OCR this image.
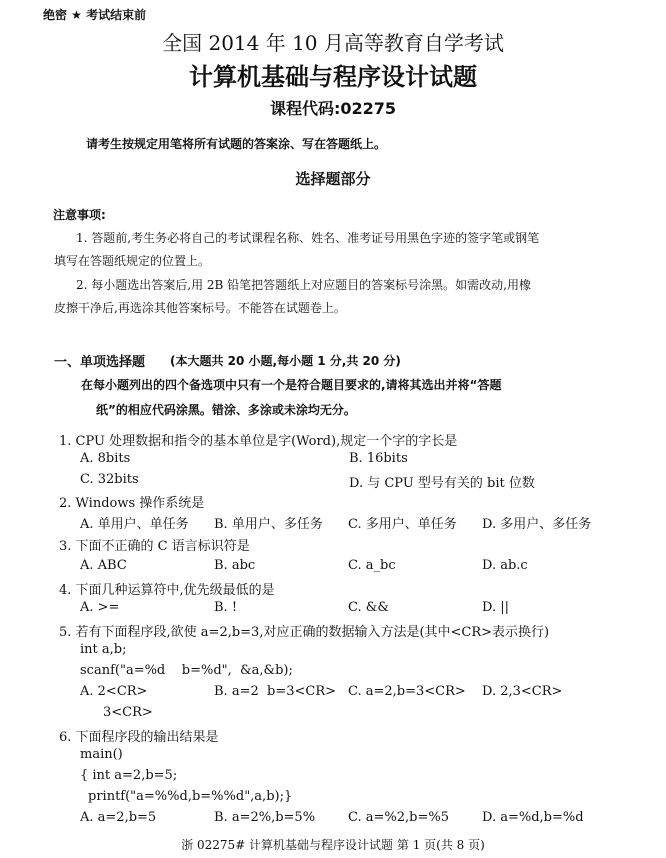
绝密 ★ 考试结束前
全国 2014 年 10 月高等教育自学考试
计算机基础与程序设计试题
课程代码:02275
请考生按规定用笔将所有试题的答案涂、写在答题纸上。
选择题部分
注意事项:
1. 答题前,考生务必将自己的考试课程名称、姓名、准考证号用黑色字迹的签字笔或钢笔
填写在答题纸规定的位置上。
2. 每小题选出答案后,用 2B 铅笔把答题纸上对应题目的答案标号涂黑。如需改动,用橡
皮擦干净后,再选涂其他答案标号。不能答在试题卷上。
一、单项选择题 (本大题共 20 小题,每小题 1 分,共 20 分)
在每小题列出的四个备选项中只有一个是符合题目要求的,请将其选出并将“答题
纸”的相应代码涂黑。错涂、多涂或未涂均无分。
1. CPU 处理数据和指令的基本单位是字(Word),规定一个字的字长是
A. 8bits	B. 16bits
C. 32bits	D. 与 CPU 型号有关的 bit 位数
2. Windows 操作系统是
A. 单用户、单任务 B. 单用户、多任务 C. 多用户、单任务 D. 多用户、多任务
3. 下面不正确的 C 语言标识符是
A. ABC	B. abc	C. a_bc	D. ab.c
4. 下面几种运算符中,优先级最低的是
A. >=	B. !	C. &&	D. ||
5. 若有下面程序段,欲使 a=2,b=3,对应正确的数据输入方法是(其中<CR>表示换行)
int a,b;
scanf("a=%d    b=%d",  &a,&b);
A. 2<CR>
3<CR>
B. a=2  b=3<CR> C. a=2,b=3<CR> D. 2,3<CR>
6. 下面程序段的输出结果是
main()
{ int a=2,b=5;
printf("a=%%d,b=%%d",a,b);}
A. a=2,b=5	B. a=2%,b=5%	C. a=%2,b=%5	D. a=%d,b=%d
浙 02275# 计算机基础与程序设计试题 第 1 页(共 8 页)
